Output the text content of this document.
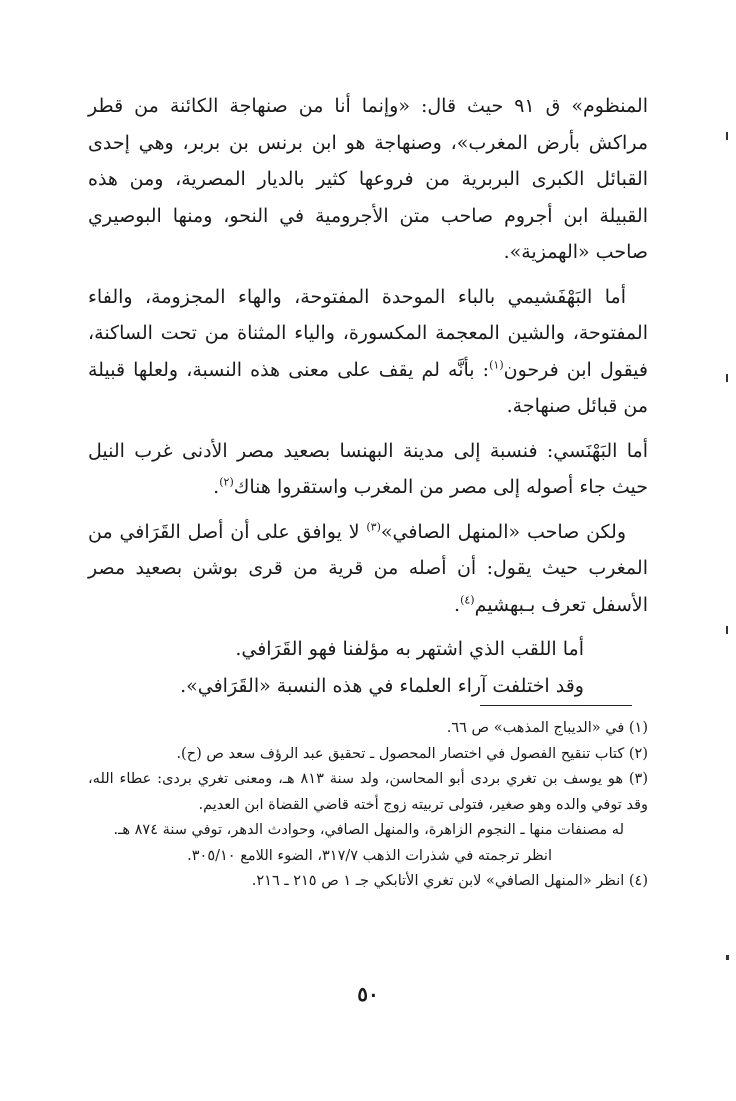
المنظوم» ق ٩١ حيث قال: «وإنما أنا من صنهاجة الكائنة من قطر مراكش بأرض المغرب»، وصنهاجة هو ابن برنس بن بربر، وهي إحدى القبائل الكبرى البربرية من فروعها كثير بالديار المصرية، ومن هذه القبيلة ابن أجروم صاحب متن الأجرومية في النحو، ومنها البوصيري صاحب «الهمزية».

أما البَهْفَشيمي بالباء الموحدة المفتوحة، والهاء المجزومة، والفاء المفتوحة، والشين المعجمة المكسورة، والياء المثناة من تحت الساكنة، فيقول ابن فرحون$^{(١)}$: بأنَّه لم يقف على معنى هذه النسبة، ولعلها قبيلة من قبائل صنهاجة.

أما البَهْنَسي: فنسبة إلى مدينة البهنسا بصعيد مصر الأدنى غرب النيل حيث جاء أصوله إلى مصر من المغرب واستقروا هناك$^{(٢)}$.

ولكن صاحب «المنهل الصافي»$^{(٣)}$ لا يوافق على أن أصل القَرَافي من المغرب حيث يقول: أن أصله من قرية من قرى بوشن بصعيد مصر الأسفل تعرف بـبهشيم$^{(٤)}$.

أما اللقب الذي اشتهر به مؤلفنا فهو القَرَافي.

وقد اختلفت آراء العلماء في هذه النسبة «القَرَافي».

(١) في «الديباج المذهب» ص ٦٦.
(٢) كتاب تنقيح الفصول في اختصار المحصول ـ تحقيق عبد الرؤف سعد ص (ح).
(٣) هو يوسف بن تغري بردى أبو المحاسن، ولد سنة ٨١٣ هـ، ومعنى تغري بردى: عطاء الله، وقد توفي والده وهو صغير، فتولى تربيته زوج أخته قاضي القضاة ابن العديم.
له مصنفات منها ـ النجوم الزاهرة، والمنهل الصافي، وحوادث الدهر، توفي سنة ٨٧٤ هـ.
انظر ترجمته في شذرات الذهب ٣١٧/٧، الضوء اللامع ٣٠٥/١٠.
(٤) انظر «المنهل الصافي» لابن تغري الأتابكي جـ ١ ص ٢١٥ ـ ٢١٦.
٥٠
